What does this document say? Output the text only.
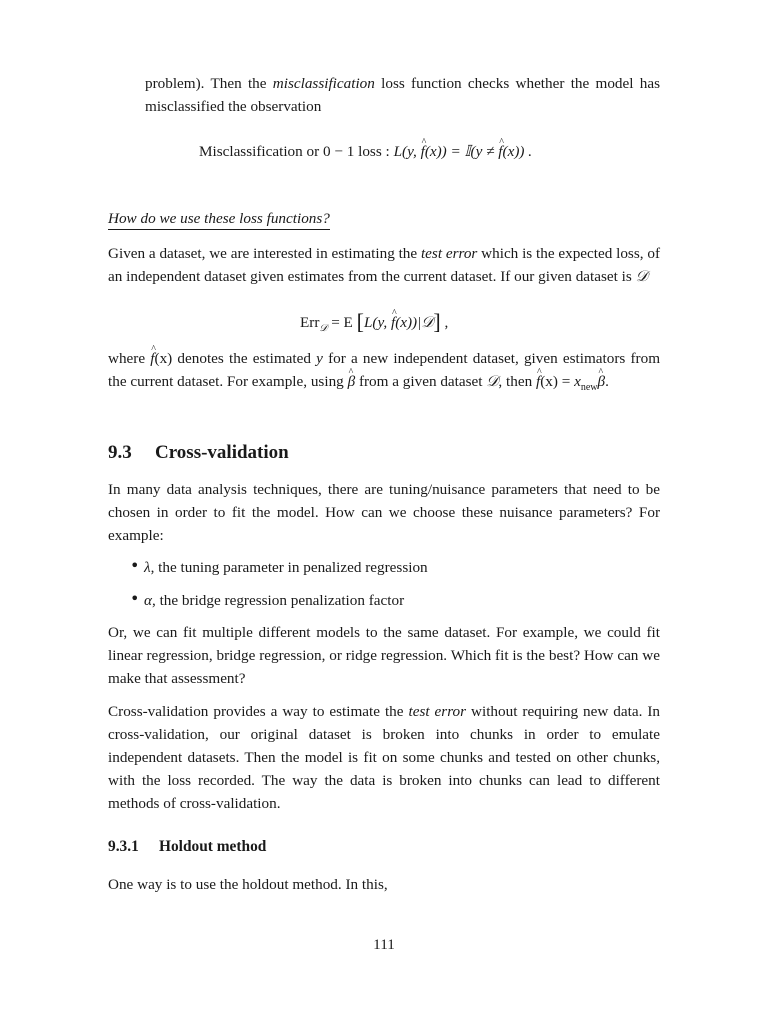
problem). Then the misclassification loss function checks whether the model has misclassified the observation

Misclassification or 0 − 1 loss : L(y, ^ f(x)) = 𝕀(y ≠ ^ f(x)) .
How do we use these loss functions?

Given a dataset, we are interested in estimating the test error which is the expected loss, of an independent dataset given estimates from the current dataset. If our given dataset is 𝒟

Err$_𝒟$ = E [L(y, ^ f(x))|𝒟] ,

where ^ f(x) denotes the estimated y for a new independent dataset, given estimators from the current dataset. For example, using ^ β from a given dataset 𝒟, then ^ $f(x) = x_{new}\^{}$ β.

9.3 Cross-validation

In many data analysis techniques, there are tuning/nuisance parameters that need to be chosen in order to fit the model. How can we choose these nuisance parameters? For example:

• λ, the tuning parameter in penalized regression
• α, the bridge regression penalization factor

Or, we can fit multiple different models to the same dataset. For example, we could fit linear regression, bridge regression, or ridge regression. Which fit is the best? How can we make that assessment?

Cross-validation provides a way to estimate the test error without requiring new data. In cross-validation, our original dataset is broken into chunks in order to emulate independent datasets. Then the model is fit on some chunks and tested on other chunks, with the loss recorded. The way the data is broken into chunks can lead to different methods of cross-validation.

9.3.1 Holdout method

One way is to use the holdout method. In this,

111
